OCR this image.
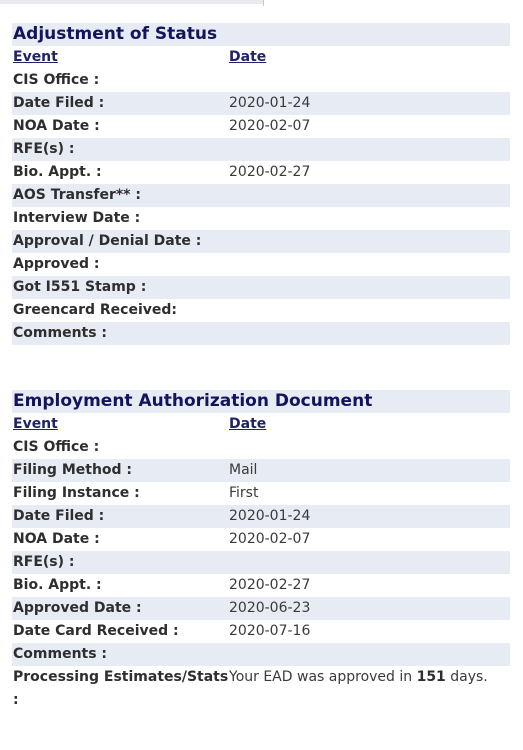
Adjustment of Status
Event	Date
CIS Office :
Date Filed :	2020-01-24
NOA Date :	2020-02-07
RFE(s) :
Bio. Appt. :	2020-02-27
AOS Transfer** :
Interview Date :
Approval / Denial Date :
Approved :
Got I551 Stamp :
Greencard Received:
Comments :
Employment Authorization Document
Event	Date
CIS Office :
Filing Method :	Mail
Filing Instance :	First
Date Filed :	2020-01-24
NOA Date :	2020-02-07
RFE(s) :
Bio. Appt. :	2020-02-27
Approved Date :	2020-06-23
Date Card Received :	2020-07-16
Comments :
Processing Estimates/Stats :
Your EAD was approved in 151 days.
